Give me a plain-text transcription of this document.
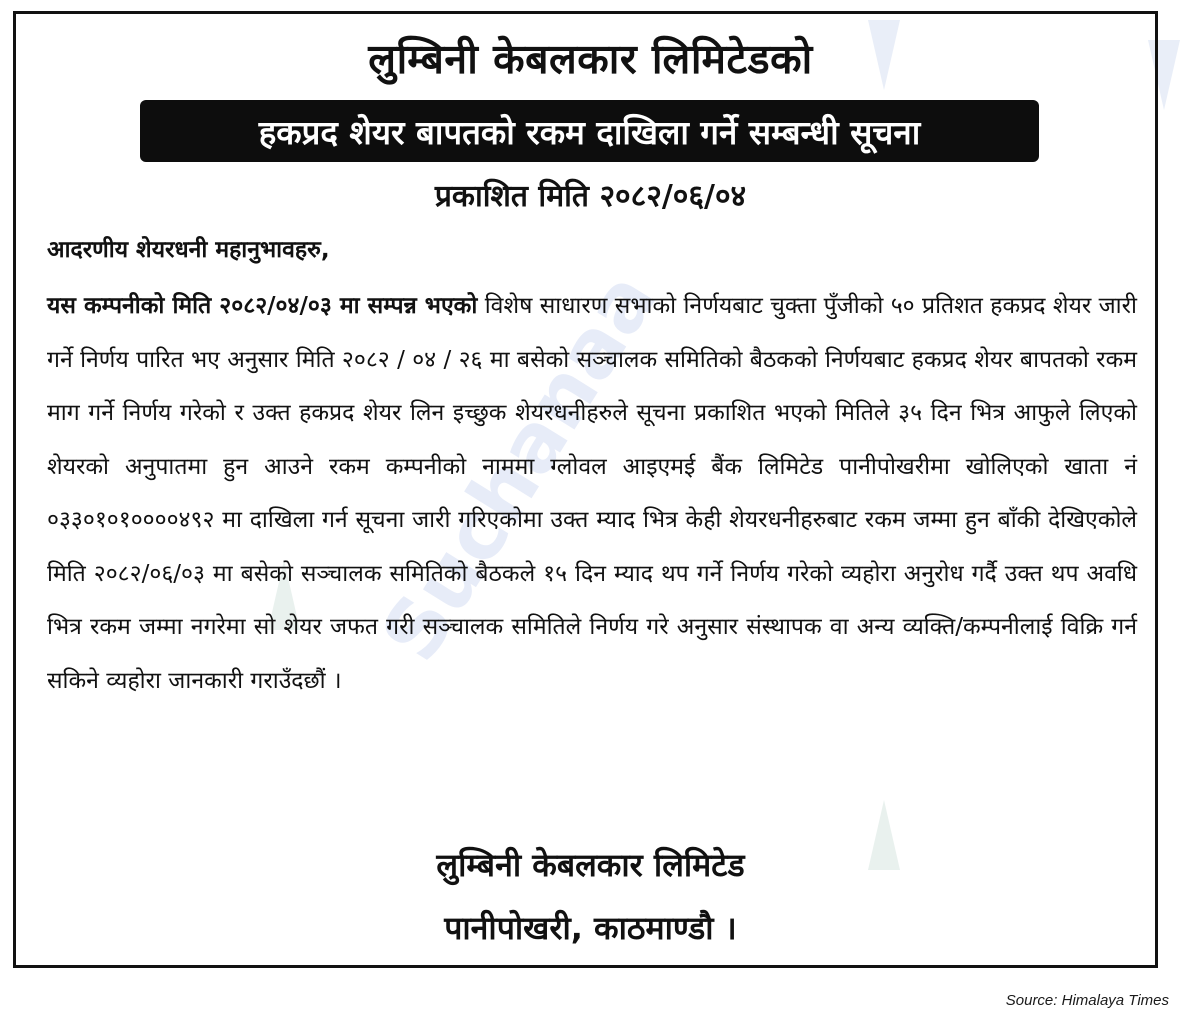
Suchanaa
लुम्बिनी केबलकार लिमिटेडको
हकप्रद शेयर बापतको रकम दाखिला गर्ने सम्बन्धी सूचना
प्रकाशित मिति २०८२/०६/०४
आदरणीय शेयरधनी महानुभावहरु,
यस कम्पनीको मिति २०८२/०४/०३ मा सम्पन्न भएको विशेष साधारण सभाको निर्णयबाट चुक्ता पुँजीको ५० प्रतिशत हकप्रद शेयर जारी गर्ने निर्णय पारित भए अनुसार मिति २०८२ / ०४ / २६ मा बसेको सञ्चालक समितिको बैठकको निर्णयबाट हकप्रद शेयर बापतको रकम माग गर्ने निर्णय गरेको र उक्त हकप्रद शेयर लिन इच्छुक शेयरधनीहरुले सूचना प्रकाशित भएको मितिले ३५ दिन भित्र आफुले लिएको शेयरको अनुपातमा हुन आउने रकम कम्पनीको नाममा ग्लोवल आइएमई बैंक लिमिटेड पानीपोखरीमा खोलिएको खाता नं ०३३०१०१००००४९२ मा दाखिला गर्न सूचना जारी गरिएकोमा उक्त म्याद भित्र केही शेयरधनीहरुबाट रकम जम्मा हुन बाँकी देखिएकोले मिति २०८२/०६/०३ मा बसेको सञ्चालक समितिको बैठकले १५ दिन म्याद थप गर्ने निर्णय गरेको व्यहोरा अनुरोध गर्दै उक्त थप अवधि भित्र रकम जम्मा नगरेमा सो शेयर जफत गरी सञ्चालक समितिले निर्णय गरे अनुसार संस्थापक वा अन्य व्यक्ति/कम्पनीलाई विक्रि गर्न सकिने व्यहोरा जानकारी गराउँदछौं ।
लुम्बिनी केबलकार लिमिटेड
पानीपोखरी, काठमाण्डौ ।
Source: Himalaya Times
